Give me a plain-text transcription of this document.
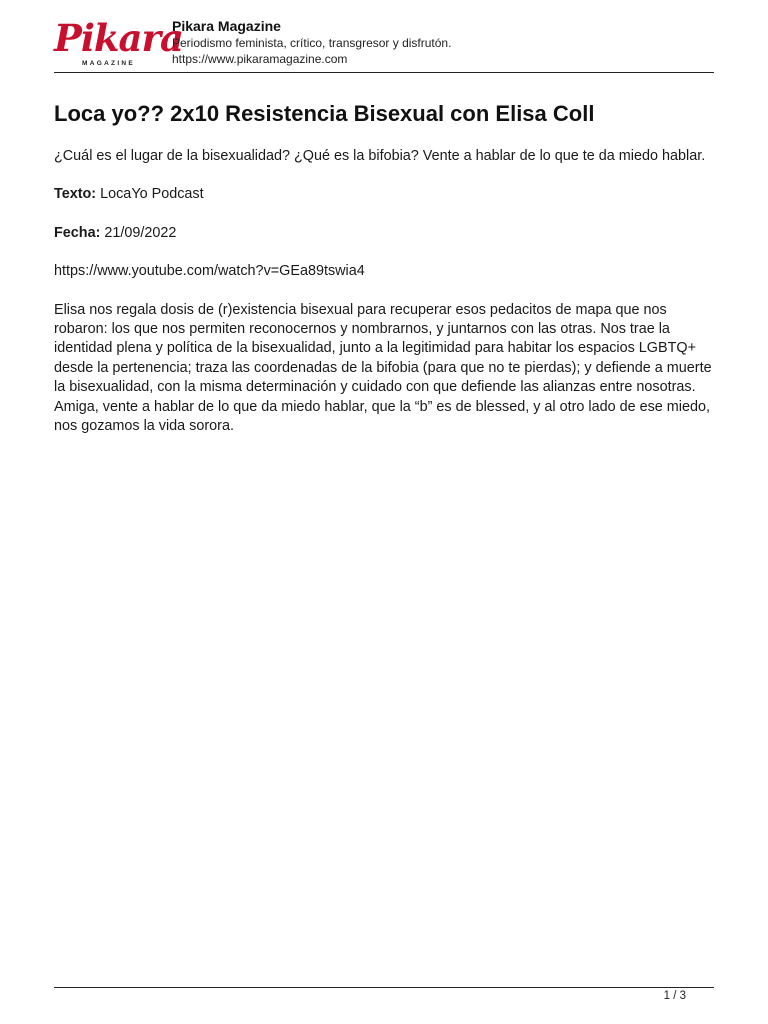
Pikara
MAGAZINE
Pikara Magazine
Periodismo feminista, crítico, transgresor y disfrutón.
https://www.pikaramagazine.com
Loca yo?? 2x10 Resistencia Bisexual con Elisa Coll

¿Cuál es el lugar de la bisexualidad? ¿Qué es la bifobia? Vente a hablar de lo que te da miedo hablar.

Texto: LocaYo Podcast

Fecha: 21/09/2022

https://www.youtube.com/watch?v=GEa89tswia4

Elisa nos regala dosis de (r)existencia bisexual para recuperar esos pedacitos de mapa que nos robaron: los que nos permiten reconocernos y nombrarnos, y juntarnos con las otras. Nos trae la identidad plena y política de la bisexualidad, junto a la legitimidad para habitar los espacios LGBTQ+ desde la pertenencia; traza las coordenadas de la bifobia (para que no te pierdas); y defiende a muerte la bisexualidad, con la misma determinación y cuidado con que defiende las alianzas entre nosotras. Amiga, vente a hablar de lo que da miedo hablar, que la “b” es de blessed, y al otro lado de ese miedo, nos gozamos la vida sorora.

1 / 3
